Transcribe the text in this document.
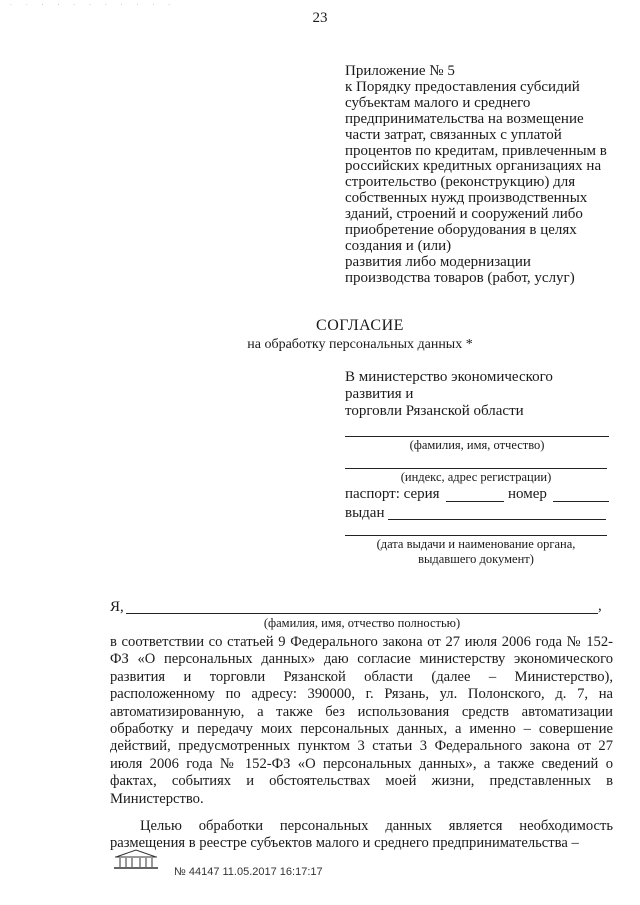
· · · · · · · · · · ·
23
Приложение № 5
к Порядку предоставления субсидий
субъектам малого и среднего
предпринимательства на возмещение
части затрат, связанных с уплатой
процентов по кредитам, привлеченным в
российских кредитных организациях на
строительство (реконструкцию) для
собственных нужд производственных
зданий, строений и сооружений либо
приобретение оборудования в целях
создания и (или)
развития либо модернизации
производства товаров (работ, услуг)
СОГЛАСИЕ
на обработку персональных данных *
В министерство экономического
развития и
торговли Рязанской области
(фамилия, имя, отчество)
(индекс, адрес регистрации)
паспорт: серия	номер
выдан
(дата выдачи и наименование органа,
выдавшего документ)
Я,	,
(фамилия, имя, отчество полностью)

в соответствии со статьей 9 Федерального закона от 27 июля 2006 года № 152-ФЗ «О персональных данных» даю согласие министерству экономического развития и торговли Рязанской области (далее – Министерство), расположенному по адресу: 390000, г. Рязань, ул. Полонского, д. 7, на автоматизированную, а также без использования средств автоматизации обработку и передачу моих персональных данных, а именно – совершение действий, предусмотренных пунктом 3 статьи 3 Федерального закона от 27 июля 2006 года № 152-ФЗ «О персональных данных», а также сведений о фактах, событиях и обстоятельствах моей жизни, представленных в Министерство.

Целью обработки персональных данных является необходимость размещения в реестре субъектов малого и среднего предпринимательства –

№ 44147 11.05.2017 16:17:17
